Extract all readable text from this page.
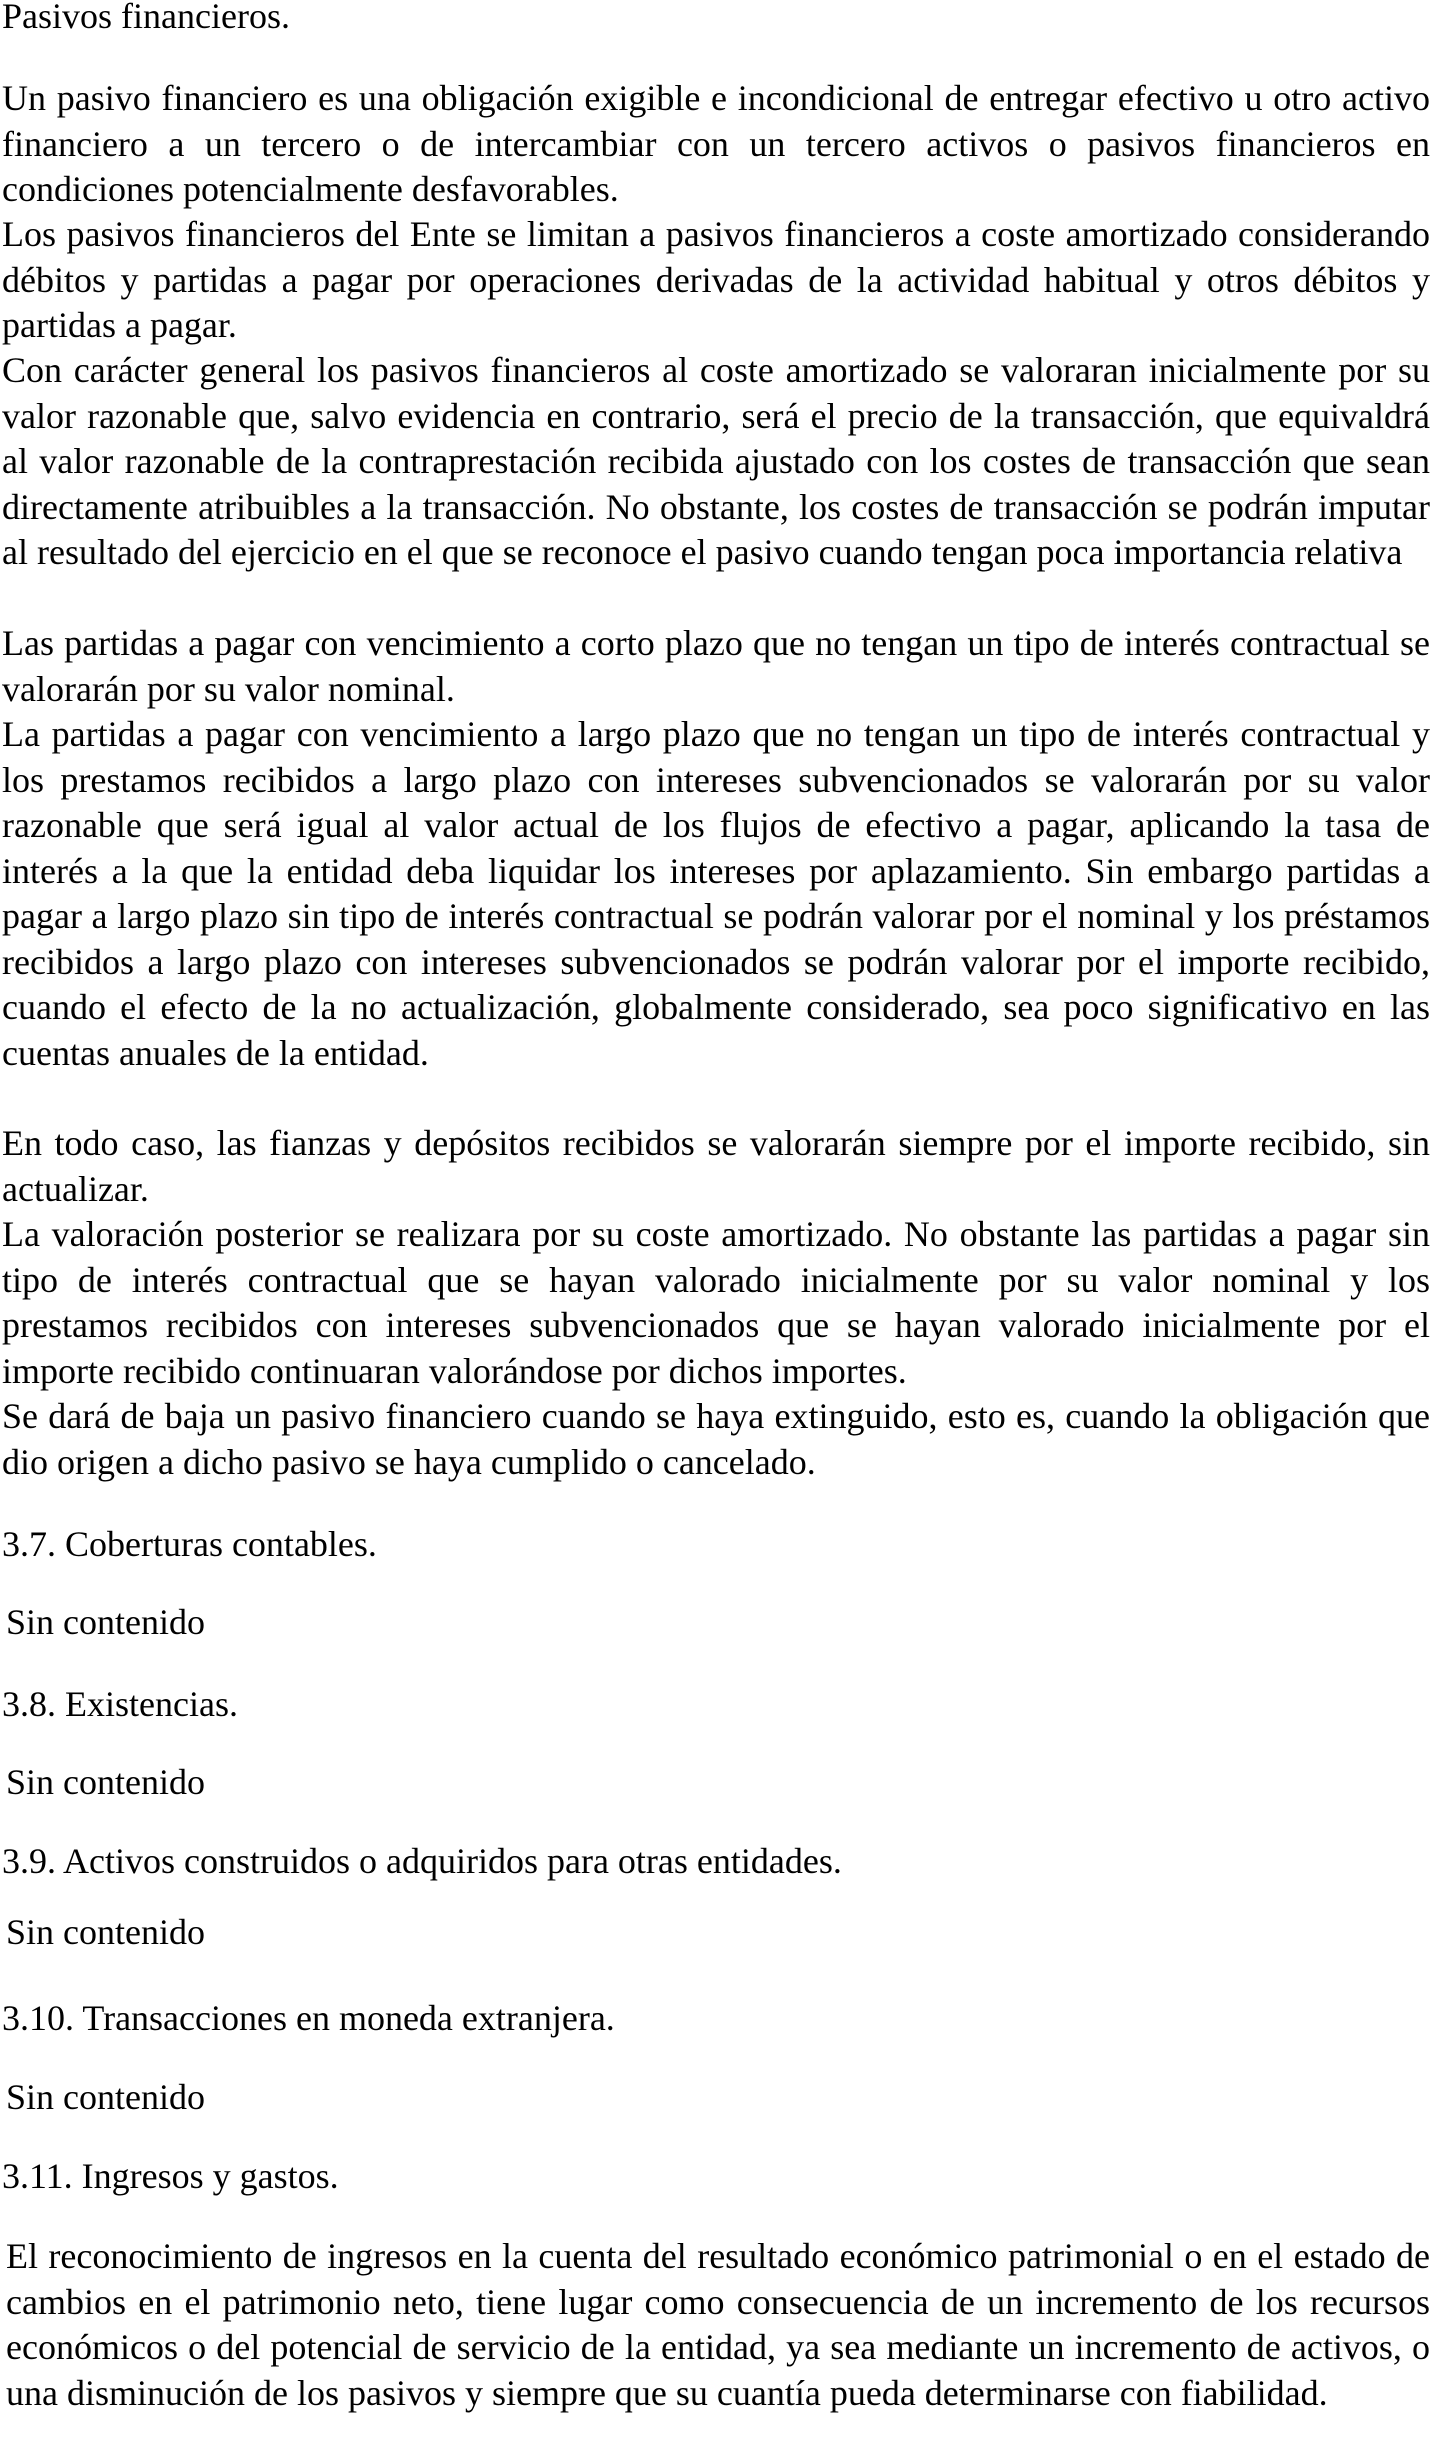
Pasivos financieros.

Un pasivo financiero es una obligación exigible e incondicional de entregar efectivo u otro activo financiero a un tercero o de intercambiar con un tercero activos o pasivos financieros en condiciones potencialmente desfavorables.

Los pasivos financieros del Ente se limitan a pasivos financieros a coste amortizado considerando débitos y partidas a pagar por operaciones derivadas de la actividad habitual y otros débitos y partidas a pagar.

Con carácter general los pasivos financieros al coste amortizado se valoraran inicialmente por su valor razonable que, salvo evidencia en contrario, será el precio de la transacción, que equivaldrá al valor razonable de la contraprestación recibida ajustado con los costes de transacción que sean directamente atribuibles a la transacción. No obstante, los costes de transacción se podrán imputar al resultado del ejercicio en el que se reconoce el pasivo cuando tengan poca importancia relativa

Las partidas a pagar con vencimiento a corto plazo que no tengan un tipo de interés contractual se valorarán por su valor nominal.

La partidas a pagar con vencimiento a largo plazo que no tengan un tipo de interés contractual y los prestamos recibidos a largo plazo con intereses subvencionados se valorarán por su valor razonable que será igual al valor actual de los flujos de efectivo a pagar, aplicando la tasa de interés a la que la entidad deba liquidar los intereses por aplazamiento. Sin embargo partidas a pagar a largo plazo sin tipo de interés contractual se podrán valorar por el nominal y los préstamos recibidos a largo plazo con intereses subvencionados se podrán valorar por el importe recibido, cuando el efecto de la no actualización, globalmente considerado, sea poco significativo en las cuentas anuales de la entidad.

En todo caso, las fianzas y depósitos recibidos se valorarán siempre por el importe recibido, sin actualizar.

La valoración posterior se realizara por su coste amortizado. No obstante las partidas a pagar sin tipo de interés contractual que se hayan valorado inicialmente por su valor nominal y los prestamos recibidos con intereses subvencionados que se hayan valorado inicialmente por el importe recibido continuaran valorándose por dichos importes.

Se dará de baja un pasivo financiero cuando se haya extinguido, esto es, cuando la obligación que dio origen a dicho pasivo se haya cumplido o cancelado.

3.7. Coberturas contables.

Sin contenido

3.8. Existencias.

Sin contenido

3.9. Activos construidos o adquiridos para otras entidades.

Sin contenido

3.10. Transacciones en moneda extranjera.

Sin contenido

3.11. Ingresos y gastos.

El reconocimiento de ingresos en la cuenta del resultado económico patrimonial o en el estado de cambios en el patrimonio neto, tiene lugar como consecuencia de un incremento de los recursos económicos o del potencial de servicio de la entidad, ya sea mediante un incremento de activos, o una disminución de los pasivos y siempre que su cuantía pueda determinarse con fiabilidad.
